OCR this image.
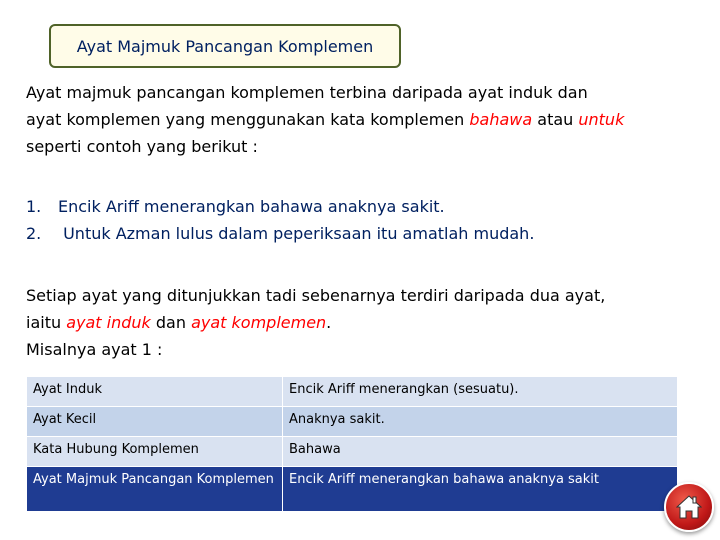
Ayat Majmuk Pancangan Komplemen
Ayat majmuk pancangan komplemen terbina daripada ayat induk dan
ayat komplemen yang menggunakan kata komplemen bahawa atau untuk
seperti contoh yang berikut :
1.	Encik Ariff menerangkan bahawa anaknya sakit.
2.	Untuk Azman lulus dalam peperiksaan itu amatlah mudah.
Setiap ayat yang ditunjukkan tadi sebenarnya terdiri daripada dua ayat,
iaitu ayat induk dan ayat komplemen.
Misalnya ayat 1 :
Ayat Induk	Encik Ariff menerangkan (sesuatu).
Ayat Kecil	Anaknya sakit.
Kata Hubung Komplemen	Bahawa
Ayat Majmuk Pancangan Komplemen	Encik Ariff menerangkan bahawa anaknya sakit
